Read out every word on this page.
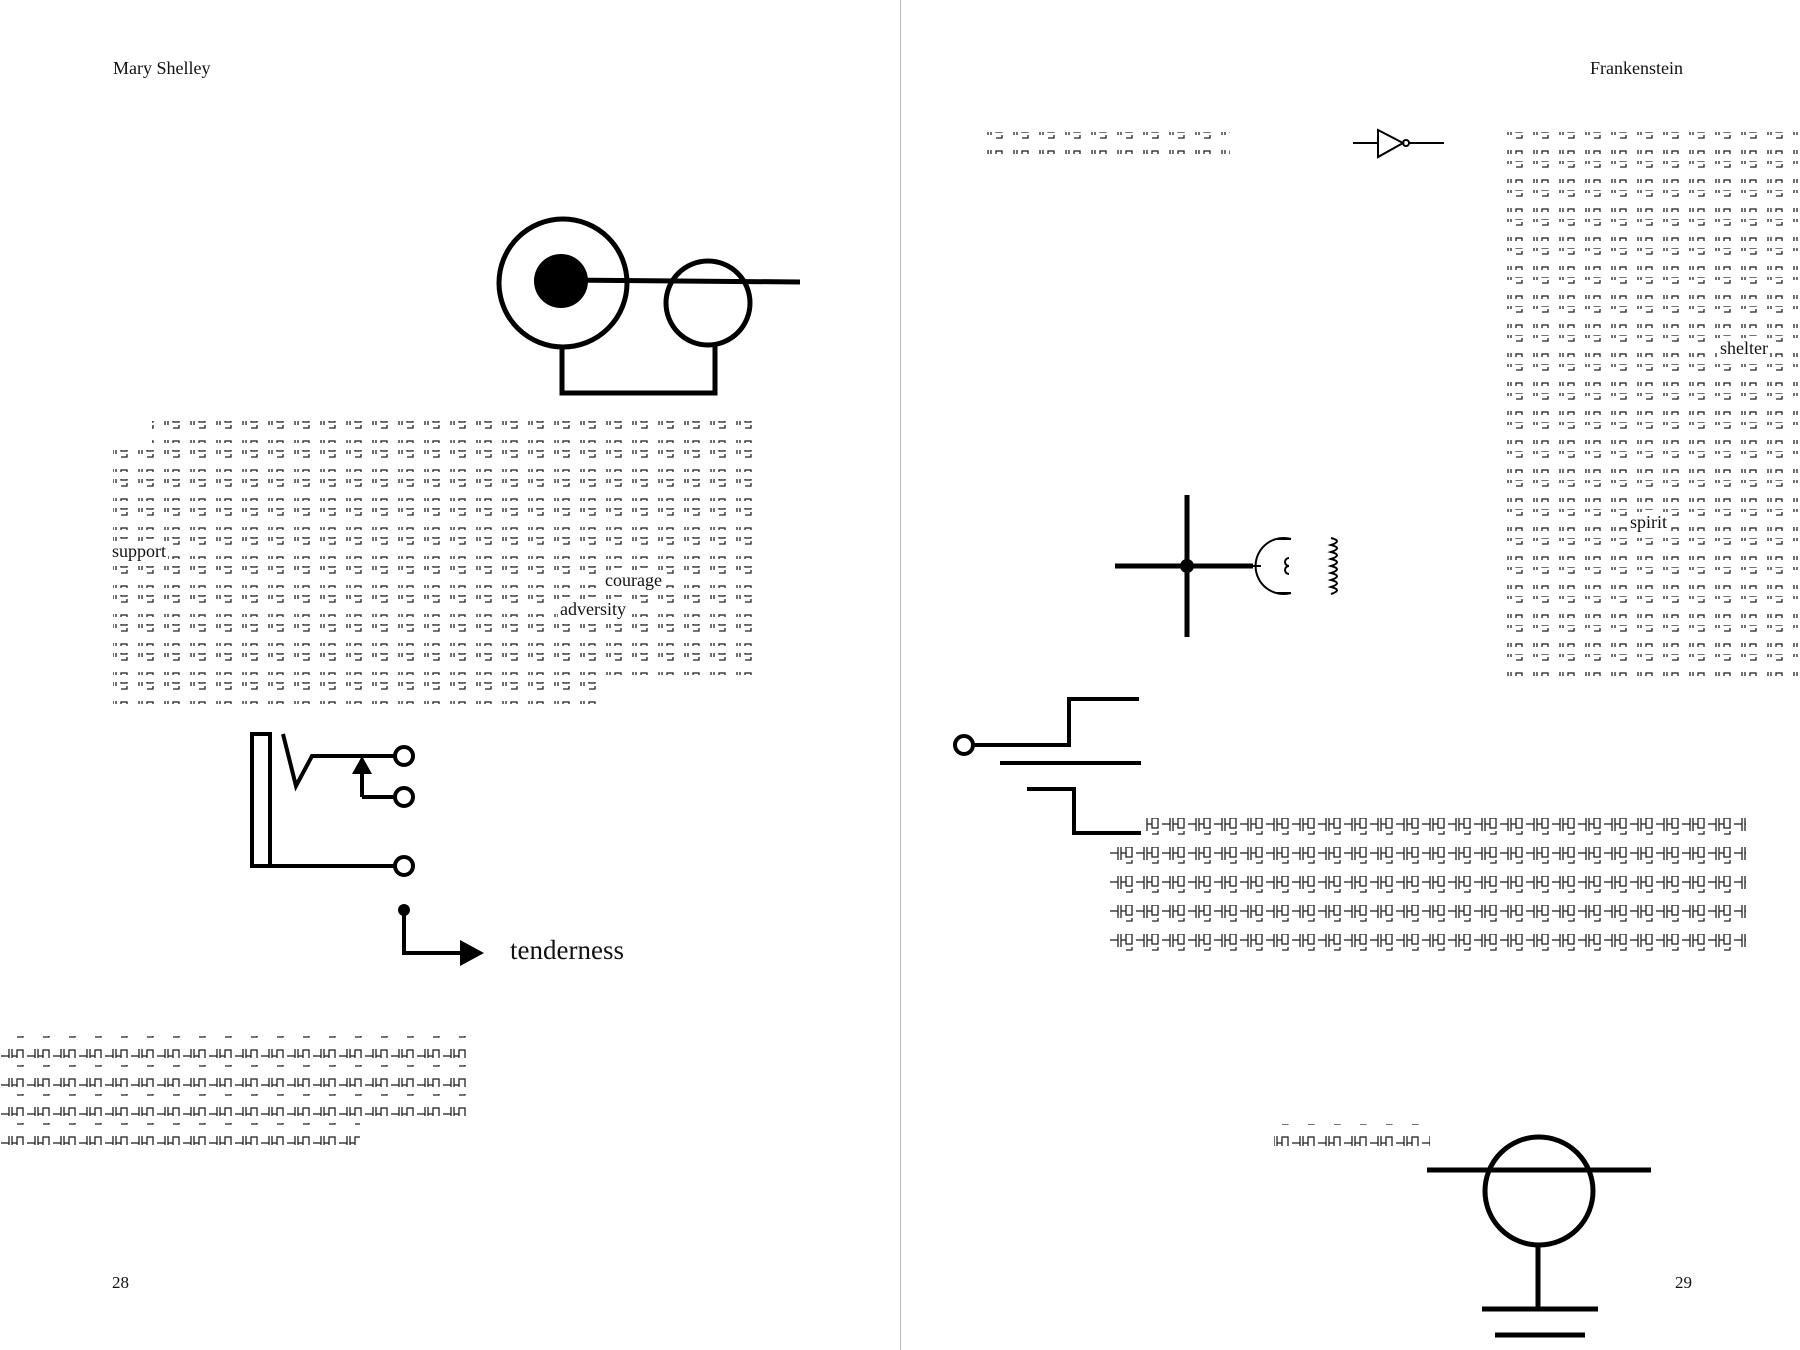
Mary Shelley
28
support
courage
adversity
tenderness
Frankenstein
29
shelter
spirit
